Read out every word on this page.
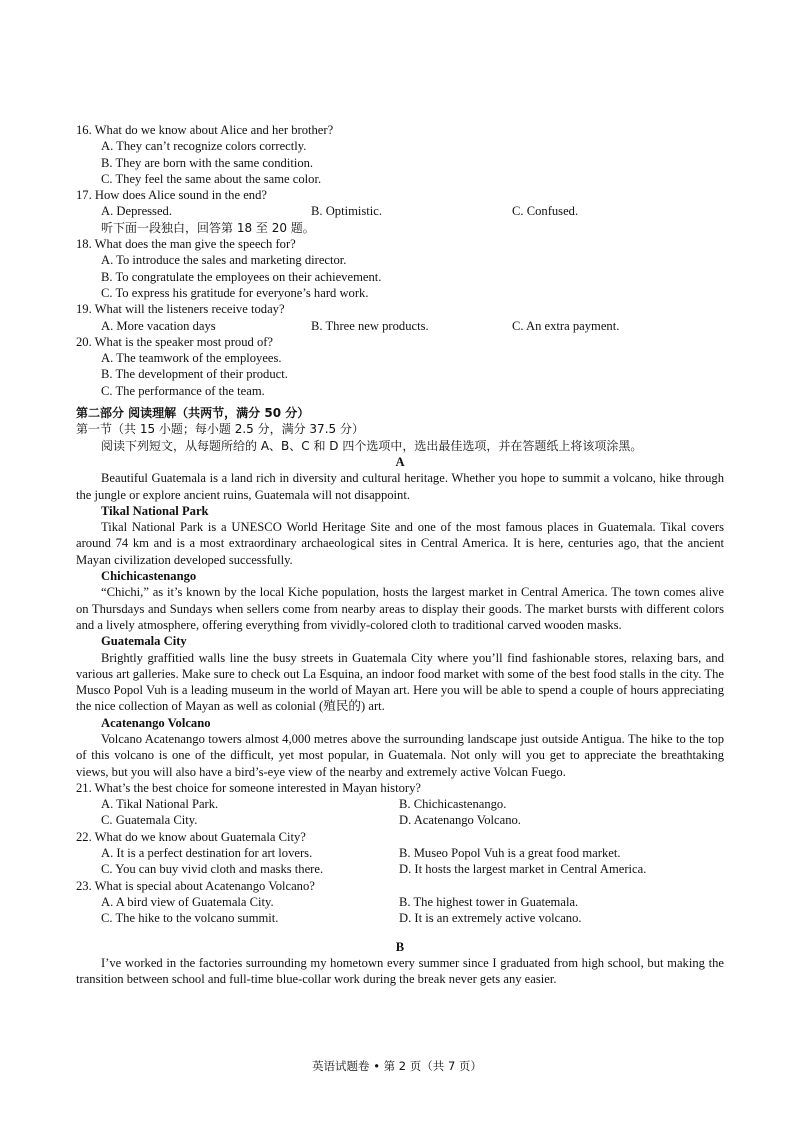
16. What do we know about Alice and her brother?
A. They can’t recognize colors correctly.
B. They are born with the same condition.
C. They feel the same about the same color.
17. How does Alice sound in the end?
A. Depressed.	B. Optimistic.	C. Confused.
听下面一段独白，回答第 18 至 20 题。
18. What does the man give the speech for?
A. To introduce the sales and marketing director.
B. To congratulate the employees on their achievement.
C. To express his gratitude for everyone’s hard work.
19. What will the listeners receive today?
A. More vacation days	B. Three new products.	C. An extra payment.
20. What is the speaker most proud of?
A. The teamwork of the employees.
B. The development of their product.
C. The performance of the team.
第二部分 阅读理解（共两节，满分 50 分）
第一节（共 15 小题；每小题 2.5 分，满分 37.5 分）
阅读下列短文，从每题所给的 A、B、C 和 D 四个选项中，选出最佳选项，并在答题纸上将该项涂黑。
A
Beautiful Guatemala is a land rich in diversity and cultural heritage. Whether you hope to summit a volcano, hike through the jungle or explore ancient ruins, Guatemala will not disappoint.
Tikal National Park
Tikal National Park is a UNESCO World Heritage Site and one of the most famous places in Guatemala. Tikal covers around 74 km and is a most extraordinary archaeological sites in Central America. It is here, centuries ago, that the ancient Mayan civilization developed successfully.
Chichicastenango
“Chichi,” as it’s known by the local Kiche population, hosts the largest market in Central America. The town comes alive on Thursdays and Sundays when sellers come from nearby areas to display their goods. The market bursts with different colors and a lively atmosphere, offering everything from vividly-colored cloth to traditional carved wooden masks.
Guatemala City
Brightly graffitied walls line the busy streets in Guatemala City where you’ll find fashionable stores, relaxing bars, and various art galleries. Make sure to check out La Esquina, an indoor food market with some of the best food stalls in the city. The Musco Popol Vuh is a leading museum in the world of Mayan art. Here you will be able to spend a couple of hours appreciating the nice collection of Mayan as well as colonial (殖民的) art.
Acatenango Volcano
Volcano Acatenango towers almost 4,000 metres above the surrounding landscape just outside Antigua. The hike to the top of this volcano is one of the difficult, yet most popular, in Guatemala. Not only will you get to appreciate the breathtaking views, but you will also have a bird’s-eye view of the nearby and extremely active Volcan Fuego.
21. What’s the best choice for someone interested in Mayan history?
A. Tikal National Park.	B. Chichicastenango.
C. Guatemala City.	D. Acatenango Volcano.
22. What do we know about Guatemala City?
A. It is a perfect destination for art lovers.	B. Museo Popol Vuh is a great food market.
C. You can buy vivid cloth and masks there.	D. It hosts the largest market in Central America.
23. What is special about Acatenango Volcano?
A. A bird view of Guatemala City.	B. The highest tower in Guatemala.
C. The hike to the volcano summit.	D. It is an extremely active volcano.
B
I’ve worked in the factories surrounding my hometown every summer since I graduated from high school, but making the transition between school and full-time blue-collar work during the break never gets any easier.
英语试题卷 • 第 2 页（共 7 页）
